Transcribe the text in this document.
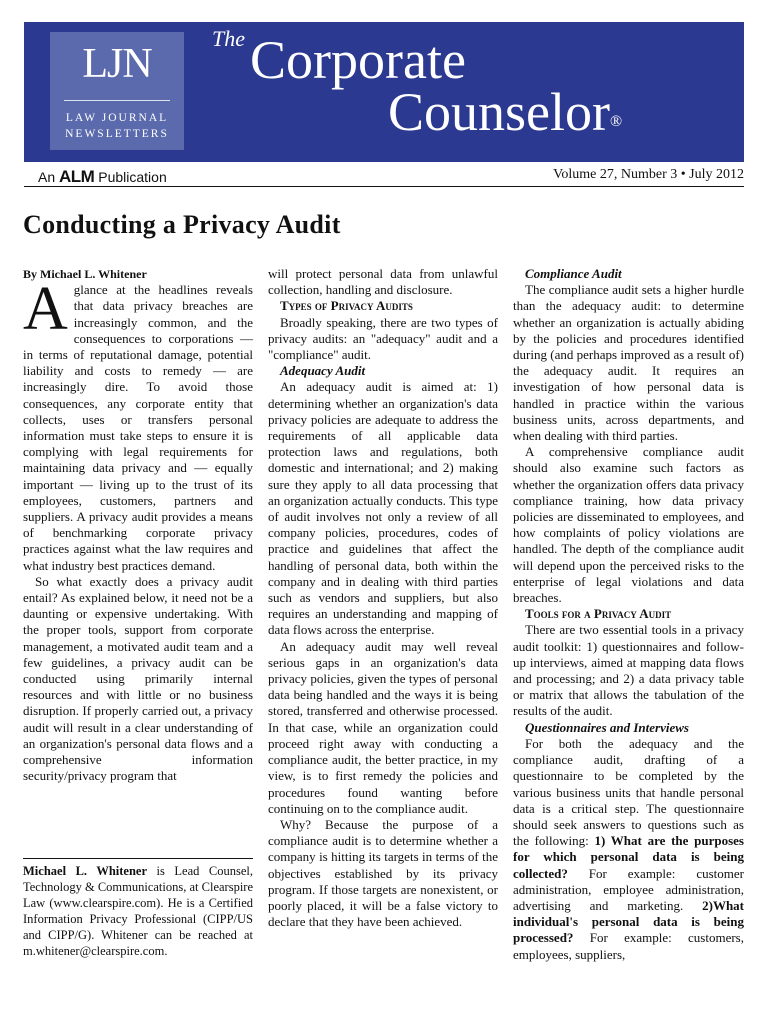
LJN
LAW JOURNAL
NEWSLETTERS
The Corporate
Counselor®
An ALM Publication	Volume 27, Number 3 • July 2012
Conducting a Privacy Audit

By Michael L. Whitener

Aglance at the headlines reveals that data privacy breaches are increasingly common, and the consequences to corporations — in terms of reputational damage, potential liability and costs to remedy — are increasingly dire. To avoid those consequences, any corporate entity that collects, uses or transfers personal information must take steps to ensure it is complying with legal requirements for maintaining data privacy and — equally important — living up to the trust of its employees, customers, partners and suppliers. A privacy audit provides a means of benchmarking corporate privacy practices against what the law requires and what industry best practices demand.

So what exactly does a privacy audit entail? As explained below, it need not be a daunting or expensive undertaking. With the proper tools, support from corporate management, a motivated audit team and a few guidelines, a privacy audit can be conducted using primarily internal resources and with little or no business disruption. If properly carried out, a privacy audit will result in a clear understanding of an organization's personal data flows and a comprehensive information security/privacy program that

Michael L. Whitener is Lead Counsel, Technology & Communications, at Clearspire Law (www.clearspire.com). He is a Certified Information Privacy Professional (CIPP/US and CIPP/G). Whitener can be reached at m.whitener@clearspire.com.

will protect personal data from unlawful collection, handling and disclosure.

Types of Privacy Audits

Broadly speaking, there are two types of privacy audits: an "adequacy" audit and a "compliance" audit.

Adequacy Audit

An adequacy audit is aimed at: 1) determining whether an organization's data privacy policies are adequate to address the requirements of all applicable data protection laws and regulations, both domestic and international; and 2) making sure they apply to all data processing that an organization actually conducts. This type of audit involves not only a review of all company policies, procedures, codes of practice and guidelines that affect the handling of personal data, both within the company and in dealing with third parties such as vendors and suppliers, but also requires an understanding and mapping of data flows across the enterprise.

An adequacy audit may well reveal serious gaps in an organization's data privacy policies, given the types of personal data being handled and the ways it is being stored, transferred and otherwise processed. In that case, while an organization could proceed right away with conducting a compliance audit, the better practice, in my view, is to first remedy the policies and procedures found wanting before continuing on to the compliance audit.

Why? Because the purpose of a compliance audit is to determine whether a company is hitting its targets in terms of the objectives established by its privacy program. If those targets are nonexistent, or poorly placed, it will be a false victory to declare that they have been achieved.

Compliance Audit

The compliance audit sets a higher hurdle than the adequacy audit: to determine whether an organization is actually abiding by the policies and procedures identified during (and perhaps improved as a result of) the adequacy audit. It requires an investigation of how personal data is handled in practice within the various business units, across departments, and when dealing with third parties.

A comprehensive compliance audit should also examine such factors as whether the organization offers data privacy compliance training, how data privacy policies are disseminated to employees, and how complaints of policy violations are handled. The depth of the compliance audit will depend upon the perceived risks to the enterprise of legal violations and data breaches.

Tools for a Privacy Audit

There are two essential tools in a privacy audit toolkit: 1) questionnaires and follow-up interviews, aimed at mapping data flows and processing; and 2) a data privacy table or matrix that allows the tabulation of the results of the audit.

Questionnaires and Interviews

For both the adequacy and the compliance audit, drafting of a questionnaire to be completed by the various business units that handle personal data is a critical step. The questionnaire should seek answers to questions such as the following: 1) What are the purposes for which personal data is being collected? For example: customer administration, employee administration, advertising and marketing. 2)What individual's personal data is being processed? For example: customers, employees, suppliers,
